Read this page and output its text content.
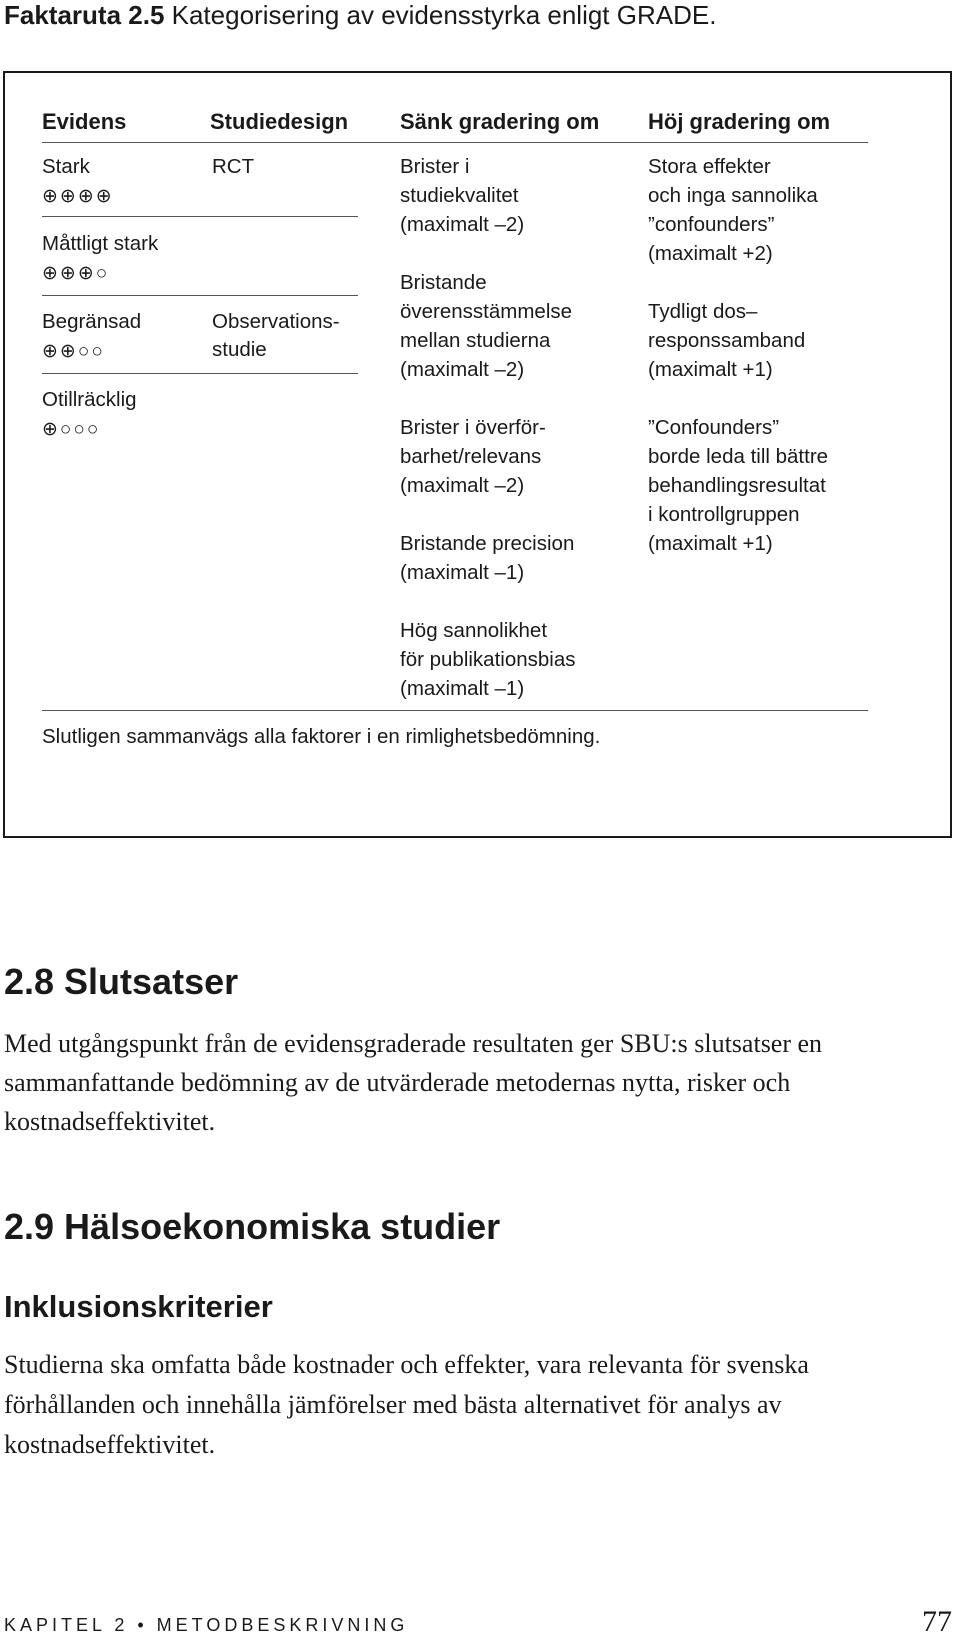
Faktaruta 2.5 Kategorisering av evidensstyrka enligt GRADE.
Evidens	Studiedesign Sänk gradering om Höj gradering om
Stark
⊕⊕⊕⊕
Måttligt stark
⊕⊕⊕○
Begränsad
⊕⊕○○
Otillräcklig
⊕○○○
RCT
Observations-
studie
Brister i
studiekvalitet
(maximalt –2)
Bristande
överensstämmelse
mellan studierna
(maximalt –2)
Brister i överför-
barhet/relevans
(maximalt –2)
Bristande precision
(maximalt –1)
Hög sannolikhet
för publikationsbias
(maximalt –1)
Stora effekter
och inga sannolika
”confounders”
(maximalt +2)
Tydligt dos–
responssamband
(maximalt +1)
”Confounders”
borde leda till bättre
behandlingsresultat
i kontrollgruppen
(maximalt +1)
Slutligen sammanvägs alla faktorer i en rimlighetsbedömning.
2.8 Slutsatser

Med utgångspunkt från de evidensgraderade resultaten ger SBU:s slutsatser en sammanfattande bedömning av de utvärderade metodernas nytta, risker och kostnadseffektivitet.

2.9 Hälsoekonomiska studier
Inklusionskriterier

Studierna ska omfatta både kostnader och effekter, vara relevanta för svenska förhållanden och innehålla jämförelser med bästa alternativet för analys av kostnadseffektivitet.

KAPITEL 2 • METODBESKRIVNING	77
